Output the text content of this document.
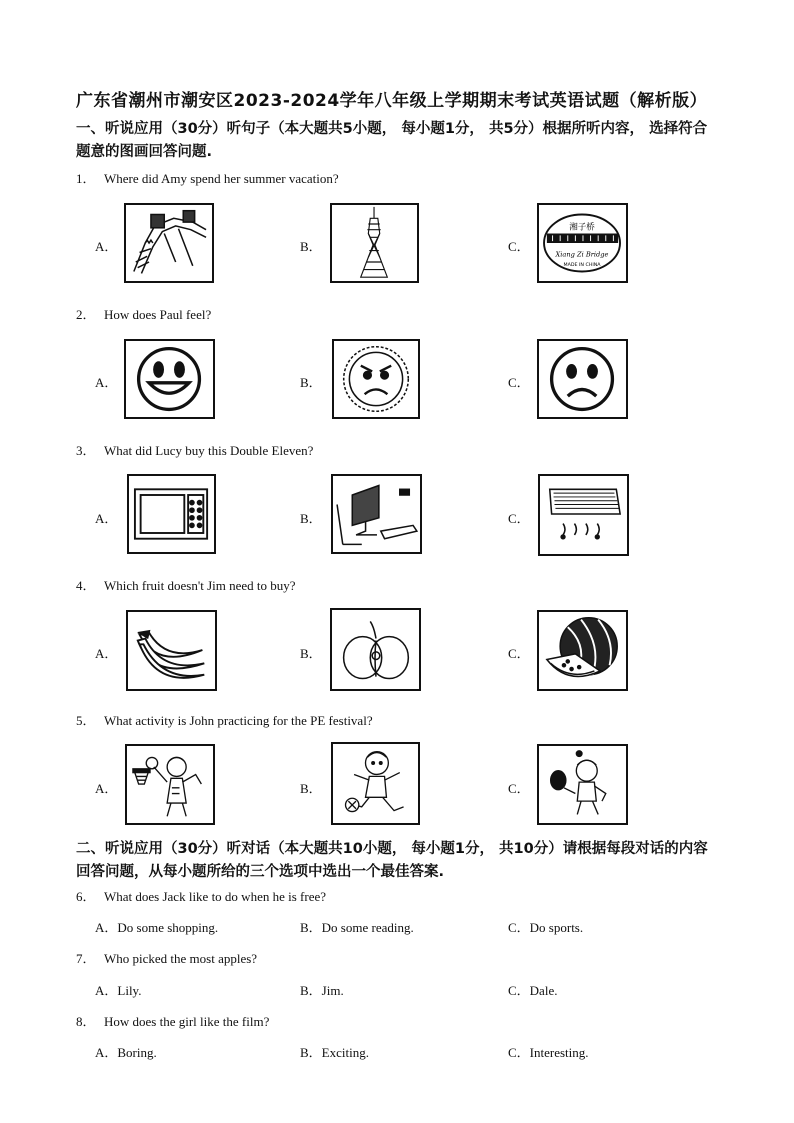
广东省潮州市潮安区2023-2024学年八年级上学期期末考试英语试题（解析版）
一、听说应用（30分）听句子（本大题共5小题， 每小题1分， 共5分）根据所听内容， 选择符合题意的图画回答问题.
1． Where did Amy spend her summer vacation?
A．	B．	C．
湘子桥
Xiang Zi Bridge
MADE IN CHINA
2． How does Paul feel?
A．	B．	C．
3． What did Lucy buy this Double Eleven?
A．	B．	C．
4． Which fruit doesn't Jim need to buy?
A．	B．	C．
5． What activity is John practicing for the PE festival?
A．	B．	C．
二、听说应用（30分）听对话（本大题共10小题， 每小题1分， 共10分）请根据每段对话的内容回答问题，从每小题所给的三个选项中选出一个最佳答案.
6． What does Jack like to do when he is free?
A．Do some shopping.	B．Do some reading.	C．Do sports.
7． Who picked the most apples?
A．Lily.	B．Jim.	C．Dale.
8． How does the girl like the film?
A．Boring.	B．Exciting.	C．Interesting.
